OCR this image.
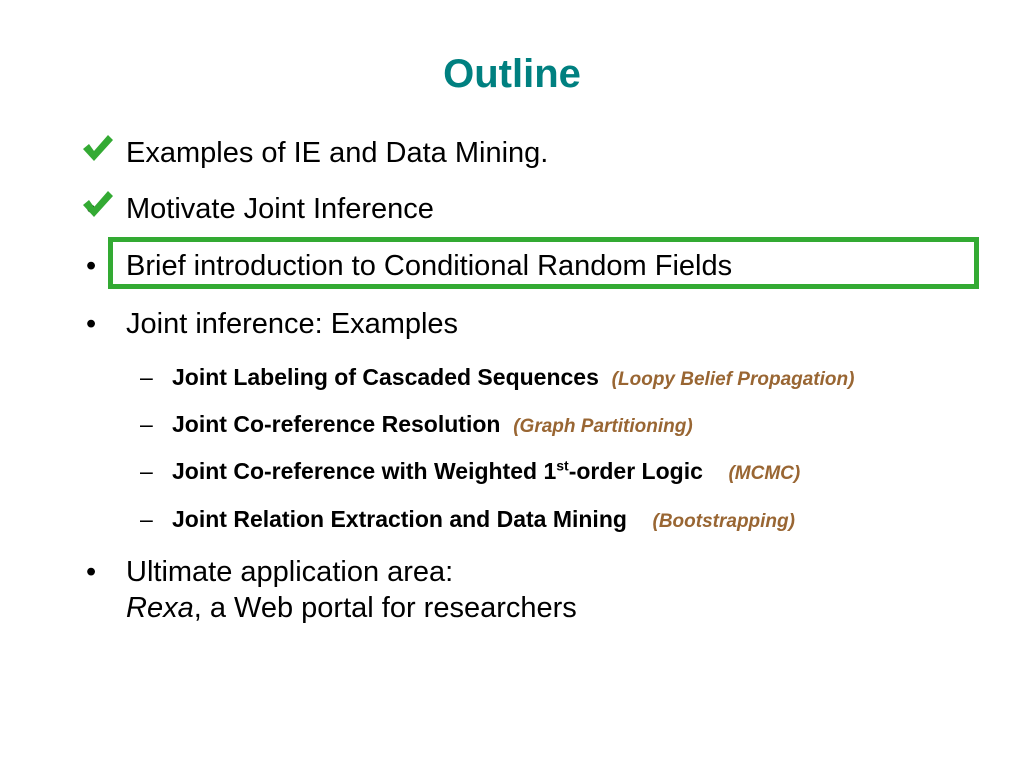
Outline
Examples of IE and Data Mining.
Motivate Joint Inference
• Brief introduction to Conditional Random Fields
• Joint inference: Examples
– Joint Labeling of Cascaded Sequences (Loopy Belief Propagation)
– Joint Co-reference Resolution (Graph Partitioning)
– Joint Co-reference with Weighted 1st-order Logic (MCMC)
– Joint Relation Extraction and Data Mining (Bootstrapping)
• Ultimate application area:
Rexa, a Web portal for researchers
